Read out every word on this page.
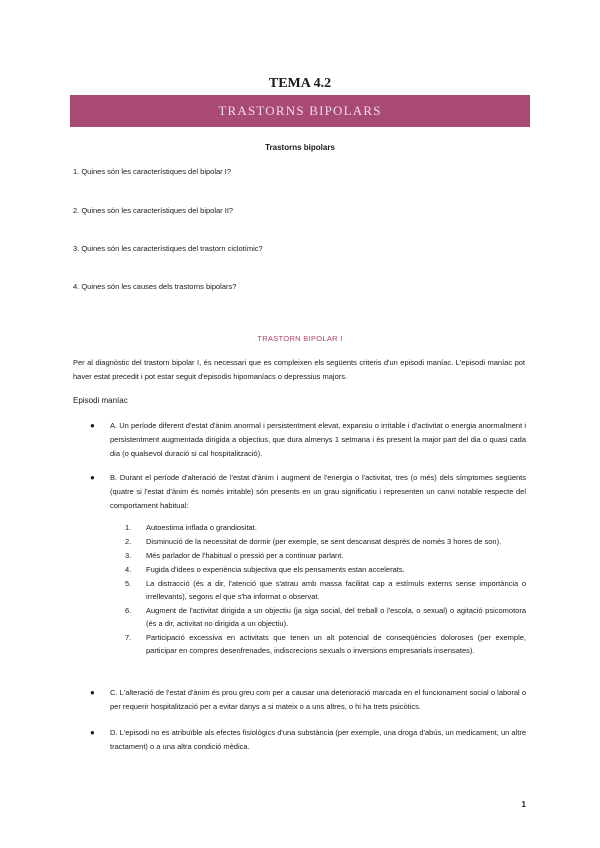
TEMA 4.2
TRASTORNS BIPOLARS
Trastorns bipolars
1. Quines són les característiques del bipolar I?
2. Quines són les característiques del bipolar II?
3. Quines són les característiques del trastorn ciclotímic?
4. Quines són les causes dels trastorns bipolars?
TRASTORN BIPOLAR I
Per al diagnòstic del trastorn bipolar I, és necessari que es compleixen els següents criteris d'un episodi maníac. L'episodi maníac pot haver estat precedit i pot estar seguit d'episodis hipomaníacs o depressius majors.
Episodi maníac
● A. Un període diferent d'estat d'ànim anormal i persistentment elevat, expansiu o irritable i d'activitat o energia anormalment i persistentment augmentada dirigida a objectius, que dura almenys 1 setmana i és present la major part del dia o quasi cada dia (o qualsevol duració si cal hospitalització).
● B. Durant el període d'alteració de l'estat d'ànim i augment de l'energia o l'activitat, tres (o més) dels símptomes següents (quatre si l'estat d'ànim és només irritable) són presents en un grau significatiu i representen un canvi notable respecte del comportament habitual:
1. Autoestima inflada o grandiositat.
2. Disminució de la necessitat de dormir (per exemple, se sent descansat després de només 3 hores de son).
3. Més parlador de l'habitual o pressió per a continuar parlant.
4. Fugida d'idees o experiència subjectiva que els pensaments estan accelerats.
5. La distracció (és a dir, l'atenció que s'atrau amb massa facilitat cap a estímuls externs sense importància o irrellevants), segons el que s'ha informat o observat.
6. Augment de l'activitat dirigida a un objectiu (ja siga social, del treball o l'escola, o sexual) o agitació psicomotora (és a dir, activitat no dirigida a un objectiu).
7. Participació excessiva en activitats que tenen un alt potencial de conseqüències doloroses (per exemple, participar en compres desenfrenades, indiscrecions sexuals o inversions empresarials insensates).
● C. L'alteració de l'estat d'ànim és prou greu com per a causar una deterioració marcada en el funcionament social o laboral o per requerir hospitalització per a evitar danys a si mateix o a uns altres, o hi ha trets psicòtics.
● D. L'episodi no es atribuïble als efectes fisiològics d'una substància (per exemple, una droga d'abús, un medicament, un altre tractament) o a una altra condició mèdica.
1
